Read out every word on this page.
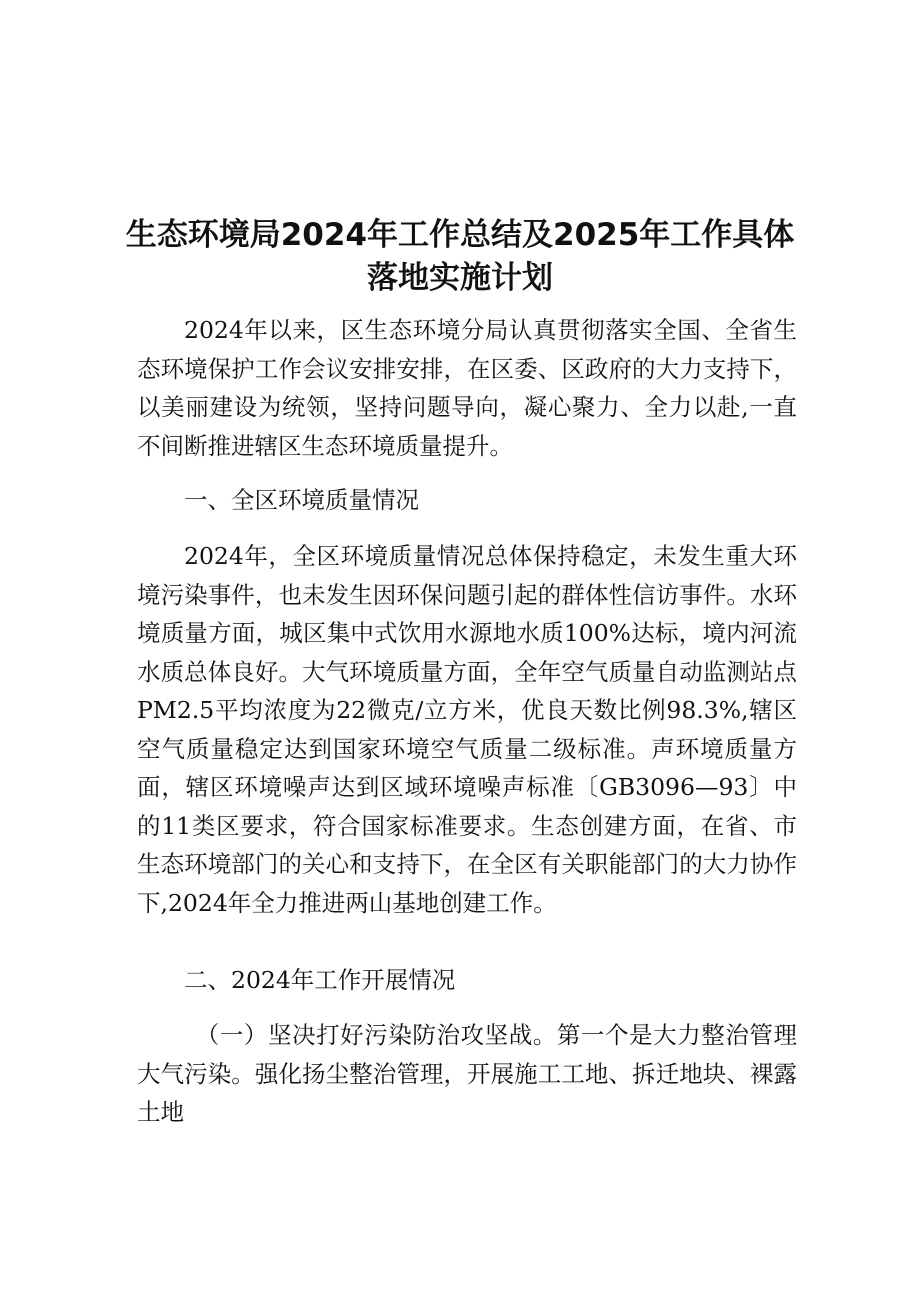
生态环境局2024年工作总结及2025年工作具体落地实施计划

2024年以来，区生态环境分局认真贯彻落实全国、全省生态环境保护工作会议安排安排，在区委、区政府的大力支持下，以美丽建设为统领，坚持问题导向，凝心聚力、全力以赴,一直不间断推进辖区生态环境质量提升。

一、全区环境质量情况

2024年，全区环境质量情况总体保持稳定，未发生重大环境污染事件，也未发生因环保问题引起的群体性信访事件。水环境质量方面，城区集中式饮用水源地水质100%达标，境内河流水质总体良好。大气环境质量方面，全年空气质量自动监测站点PM2.5平均浓度为22微克/立方米，优良天数比例98.3%,辖区空气质量稳定达到国家环境空气质量二级标准。声环境质量方面，辖区环境噪声达到区域环境噪声标准〔GB3096—93〕中的11类区要求，符合国家标准要求。生态创建方面，在省、市生态环境部门的关心和支持下，在全区有关职能部门的大力协作下,2024年全力推进两山基地创建工作。

二、2024年工作开展情况

（一）坚决打好污染防治攻坚战。第一个是大力整治管理大气污染。强化扬尘整治管理，开展施工工地、拆迁地块、裸露土地
